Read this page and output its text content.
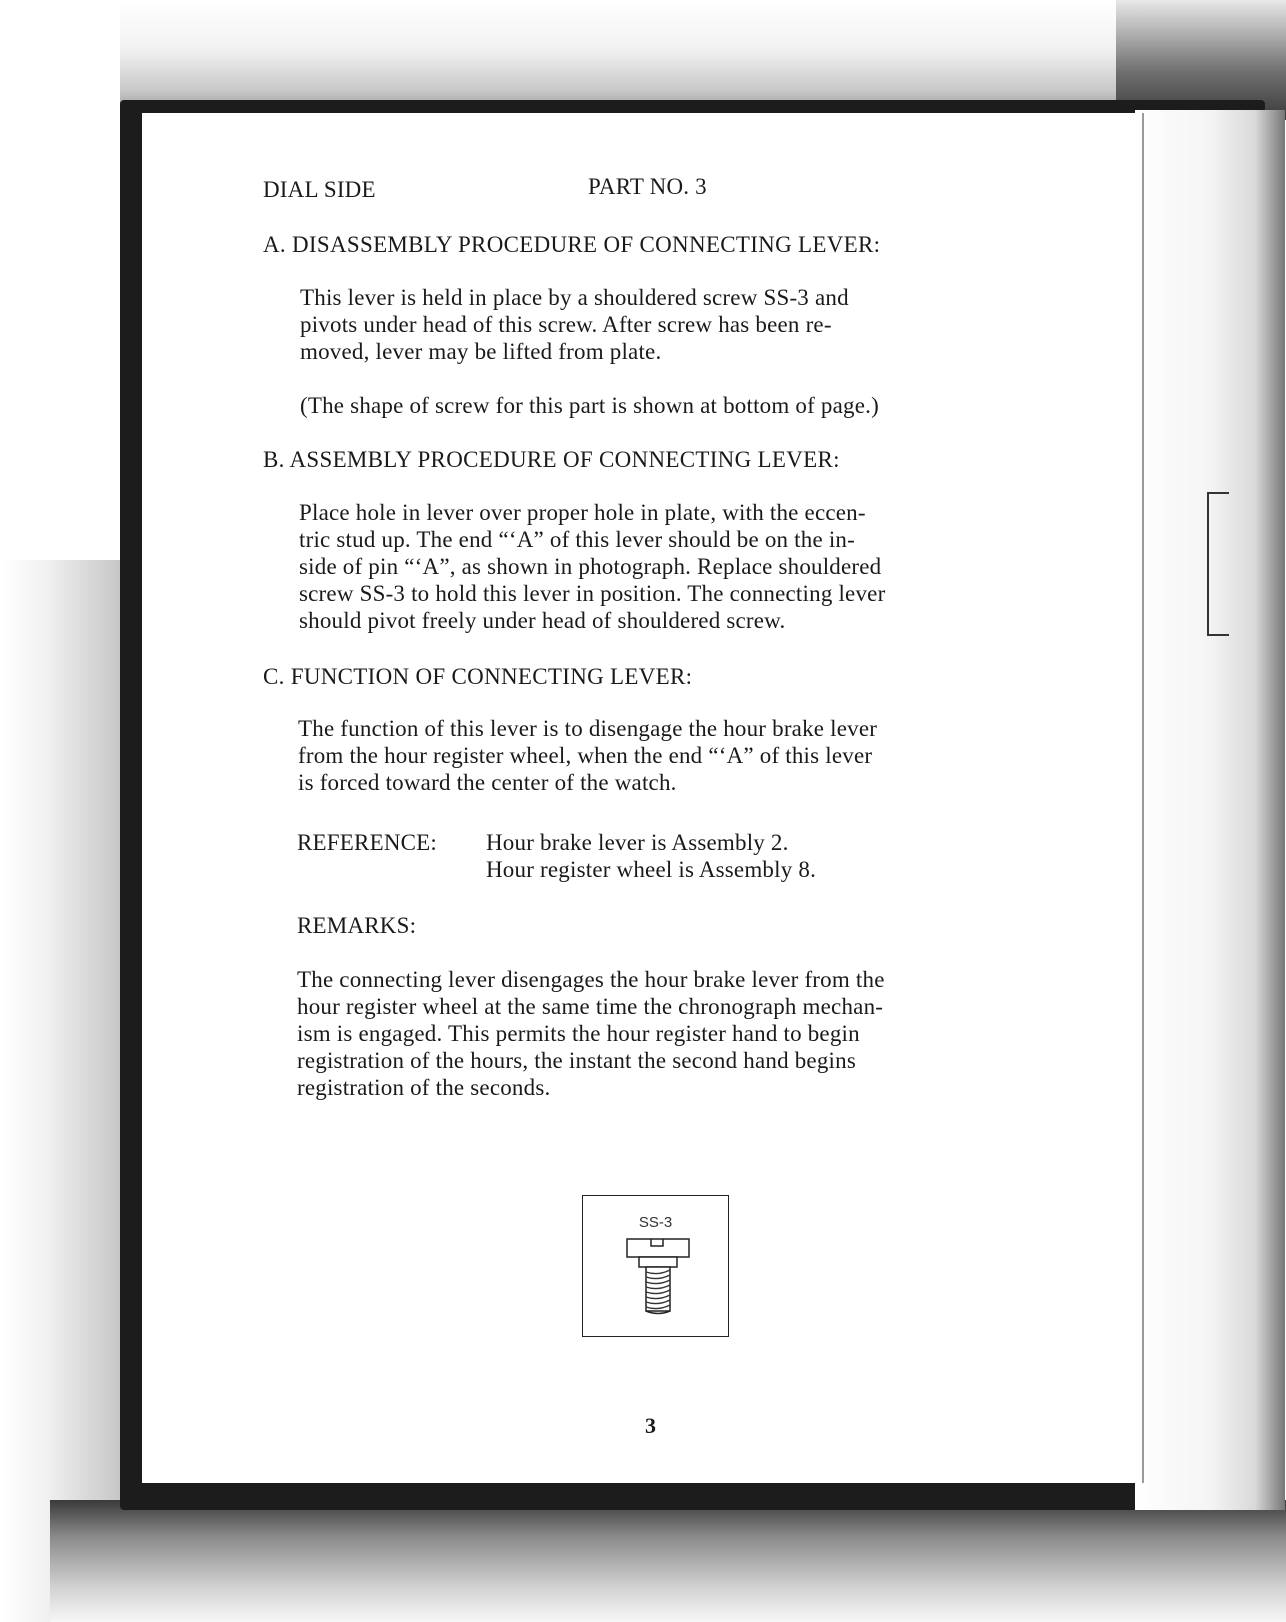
DIAL SIDE	PART NO. 3
A. DISASSEMBLY PROCEDURE OF CONNECTING LEVER:
This lever is held in place by a shouldered screw SS-3 and
pivots under head of this screw. After screw has been re-
moved, lever may be lifted from plate.
(The shape of screw for this part is shown at bottom of page.)
B. ASSEMBLY PROCEDURE OF CONNECTING LEVER:
Place hole in lever over proper hole in plate, with the eccen-
tric stud up. The end “‘A” of this lever should be on the in-
side of pin “‘A”, as shown in photograph. Replace shouldered
screw SS-3 to hold this lever in position. The connecting lever
should pivot freely under head of shouldered screw.
C. FUNCTION OF CONNECTING LEVER:
The function of this lever is to disengage the hour brake lever
from the hour register wheel, when the end “‘A” of this lever
is forced toward the center of the watch.
REFERENCE: Hour brake lever is Assembly 2.
Hour register wheel is Assembly 8.
REMARKS:
The connecting lever disengages the hour brake lever from the
hour register wheel at the same time the chronograph mechan-
ism is engaged. This permits the hour register hand to begin
registration of the hours, the instant the second hand begins
registration of the seconds.
SS-3
3
